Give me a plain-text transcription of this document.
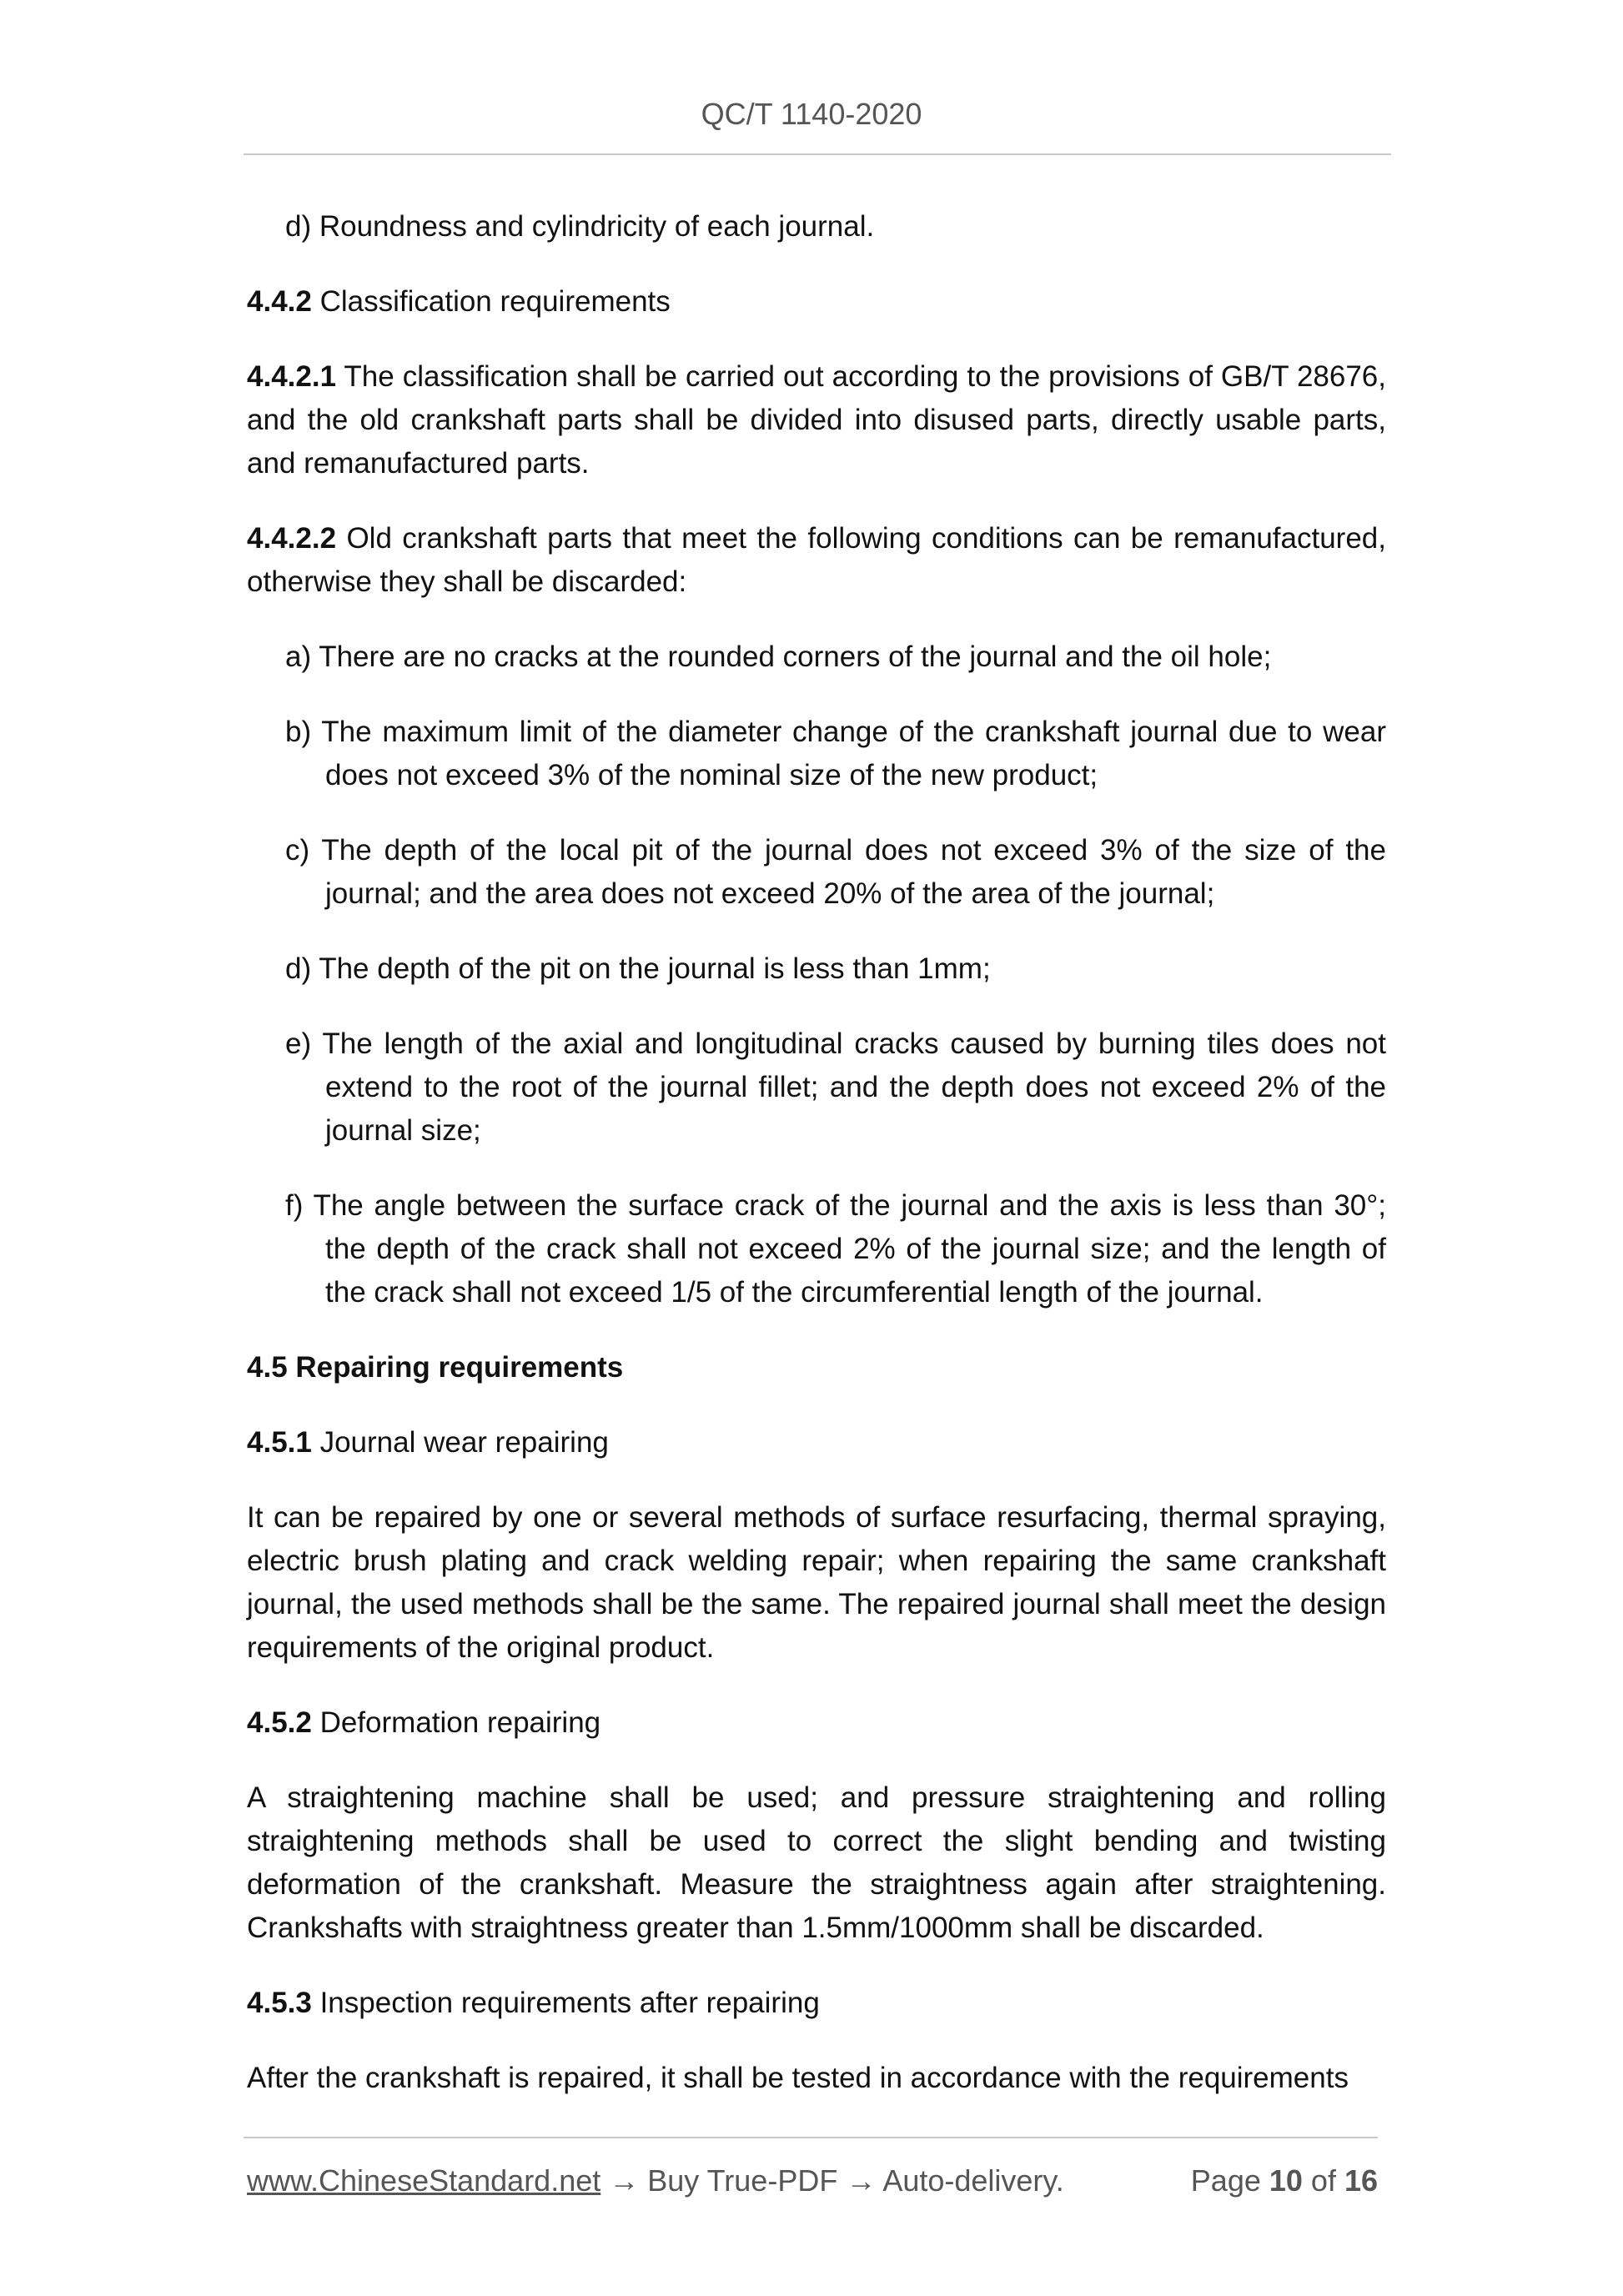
QC/T 1140-2020

d) Roundness and cylindricity of each journal.

4.4.2 Classification requirements

4.4.2.1 The classification shall be carried out according to the provisions of GB/T 28676, and the old crankshaft parts shall be divided into disused parts, directly usable parts, and remanufactured parts.

4.4.2.2 Old crankshaft parts that meet the following conditions can be remanufactured, otherwise they shall be discarded:

a) There are no cracks at the rounded corners of the journal and the oil hole;

b) The maximum limit of the diameter change of the crankshaft journal due to wear does not exceed 3% of the nominal size of the new product;

c) The depth of the local pit of the journal does not exceed 3% of the size of the journal; and the area does not exceed 20% of the area of the journal;

d) The depth of the pit on the journal is less than 1mm;

e) The length of the axial and longitudinal cracks caused by burning tiles does not extend to the root of the journal fillet; and the depth does not exceed 2% of the journal size;

f) The angle between the surface crack of the journal and the axis is less than 30°; the depth of the crack shall not exceed 2% of the journal size; and the length of the crack shall not exceed 1/5 of the circumferential length of the journal.

4.5 Repairing requirements

4.5.1 Journal wear repairing

It can be repaired by one or several methods of surface resurfacing, thermal spraying, electric brush plating and crack welding repair; when repairing the same crankshaft journal, the used methods shall be the same. The repaired journal shall meet the design requirements of the original product.

4.5.2 Deformation repairing

A straightening machine shall be used; and pressure straightening and rolling straightening methods shall be used to correct the slight bending and twisting deformation of the crankshaft. Measure the straightness again after straightening. Crankshafts with straightness greater than 1.5mm/1000mm shall be discarded.

4.5.3 Inspection requirements after repairing

After the crankshaft is repaired, it shall be tested in accordance with the requirements

www.ChineseStandard.net → Buy True-PDF → Auto-delivery.	Page 10 of 16
